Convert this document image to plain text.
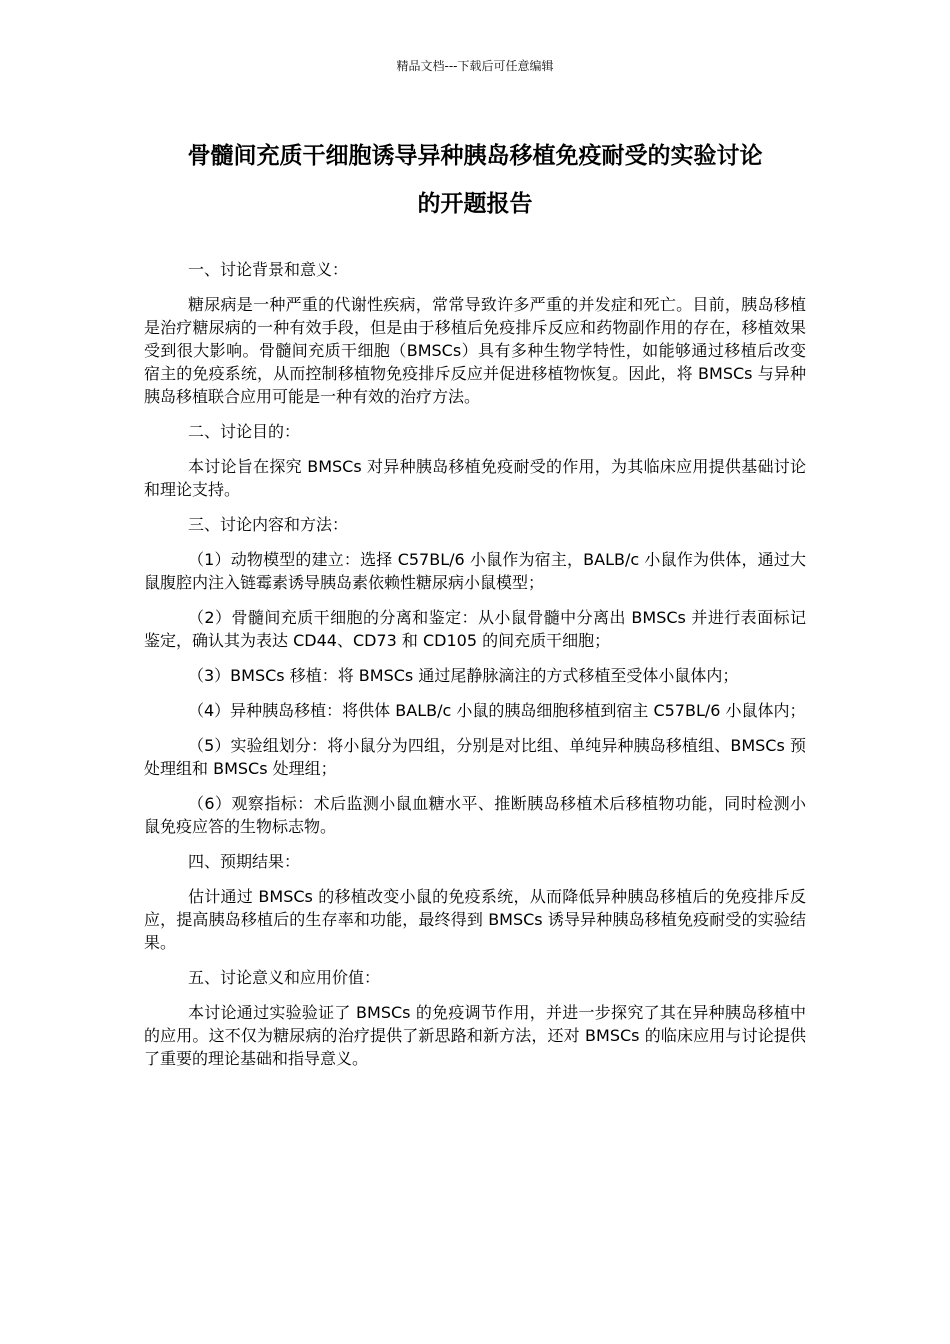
精品文档---下载后可任意编辑
骨髓间充质干细胞诱导异种胰岛移植免疫耐受的实验讨论
的开题报告

一、讨论背景和意义：

糖尿病是一种严重的代谢性疾病，常常导致许多严重的并发症和死亡。目前，胰岛移植是治疗糖尿病的一种有效手段，但是由于移植后免疫排斥反应和药物副作用的存在，移植效果受到很大影响。骨髓间充质干细胞（BMSCs）具有多种生物学特性，如能够通过移植后改变宿主的免疫系统，从而控制移植物免疫排斥反应并促进移植物恢复。因此，将 BMSCs 与异种胰岛移植联合应用可能是一种有效的治疗方法。

二、讨论目的：

本讨论旨在探究 BMSCs 对异种胰岛移植免疫耐受的作用，为其临床应用提供基础讨论和理论支持。

三、讨论内容和方法：

（1）动物模型的建立：选择 C57BL/6 小鼠作为宿主，BALB/c 小鼠作为供体，通过大鼠腹腔内注入链霉素诱导胰岛素依赖性糖尿病小鼠模型；

（2）骨髓间充质干细胞的分离和鉴定：从小鼠骨髓中分离出 BMSCs 并进行表面标记鉴定，确认其为表达 CD44、CD73 和 CD105 的间充质干细胞；

（3）BMSCs 移植：将 BMSCs 通过尾静脉滴注的方式移植至受体小鼠体内；

（4）异种胰岛移植：将供体 BALB/c 小鼠的胰岛细胞移植到宿主 C57BL/6 小鼠体内；

（5）实验组划分：将小鼠分为四组，分别是对比组、单纯异种胰岛移植组、BMSCs 预处理组和 BMSCs 处理组；

（6）观察指标：术后监测小鼠血糖水平、推断胰岛移植术后移植物功能，同时检测小鼠免疫应答的生物标志物。

四、预期结果：

估计通过 BMSCs 的移植改变小鼠的免疫系统，从而降低异种胰岛移植后的免疫排斥反应，提高胰岛移植后的生存率和功能，最终得到 BMSCs 诱导异种胰岛移植免疫耐受的实验结果。

五、讨论意义和应用价值：

本讨论通过实验验证了 BMSCs 的免疫调节作用，并进一步探究了其在异种胰岛移植中的应用。这不仅为糖尿病的治疗提供了新思路和新方法，还对 BMSCs 的临床应用与讨论提供了重要的理论基础和指导意义。
